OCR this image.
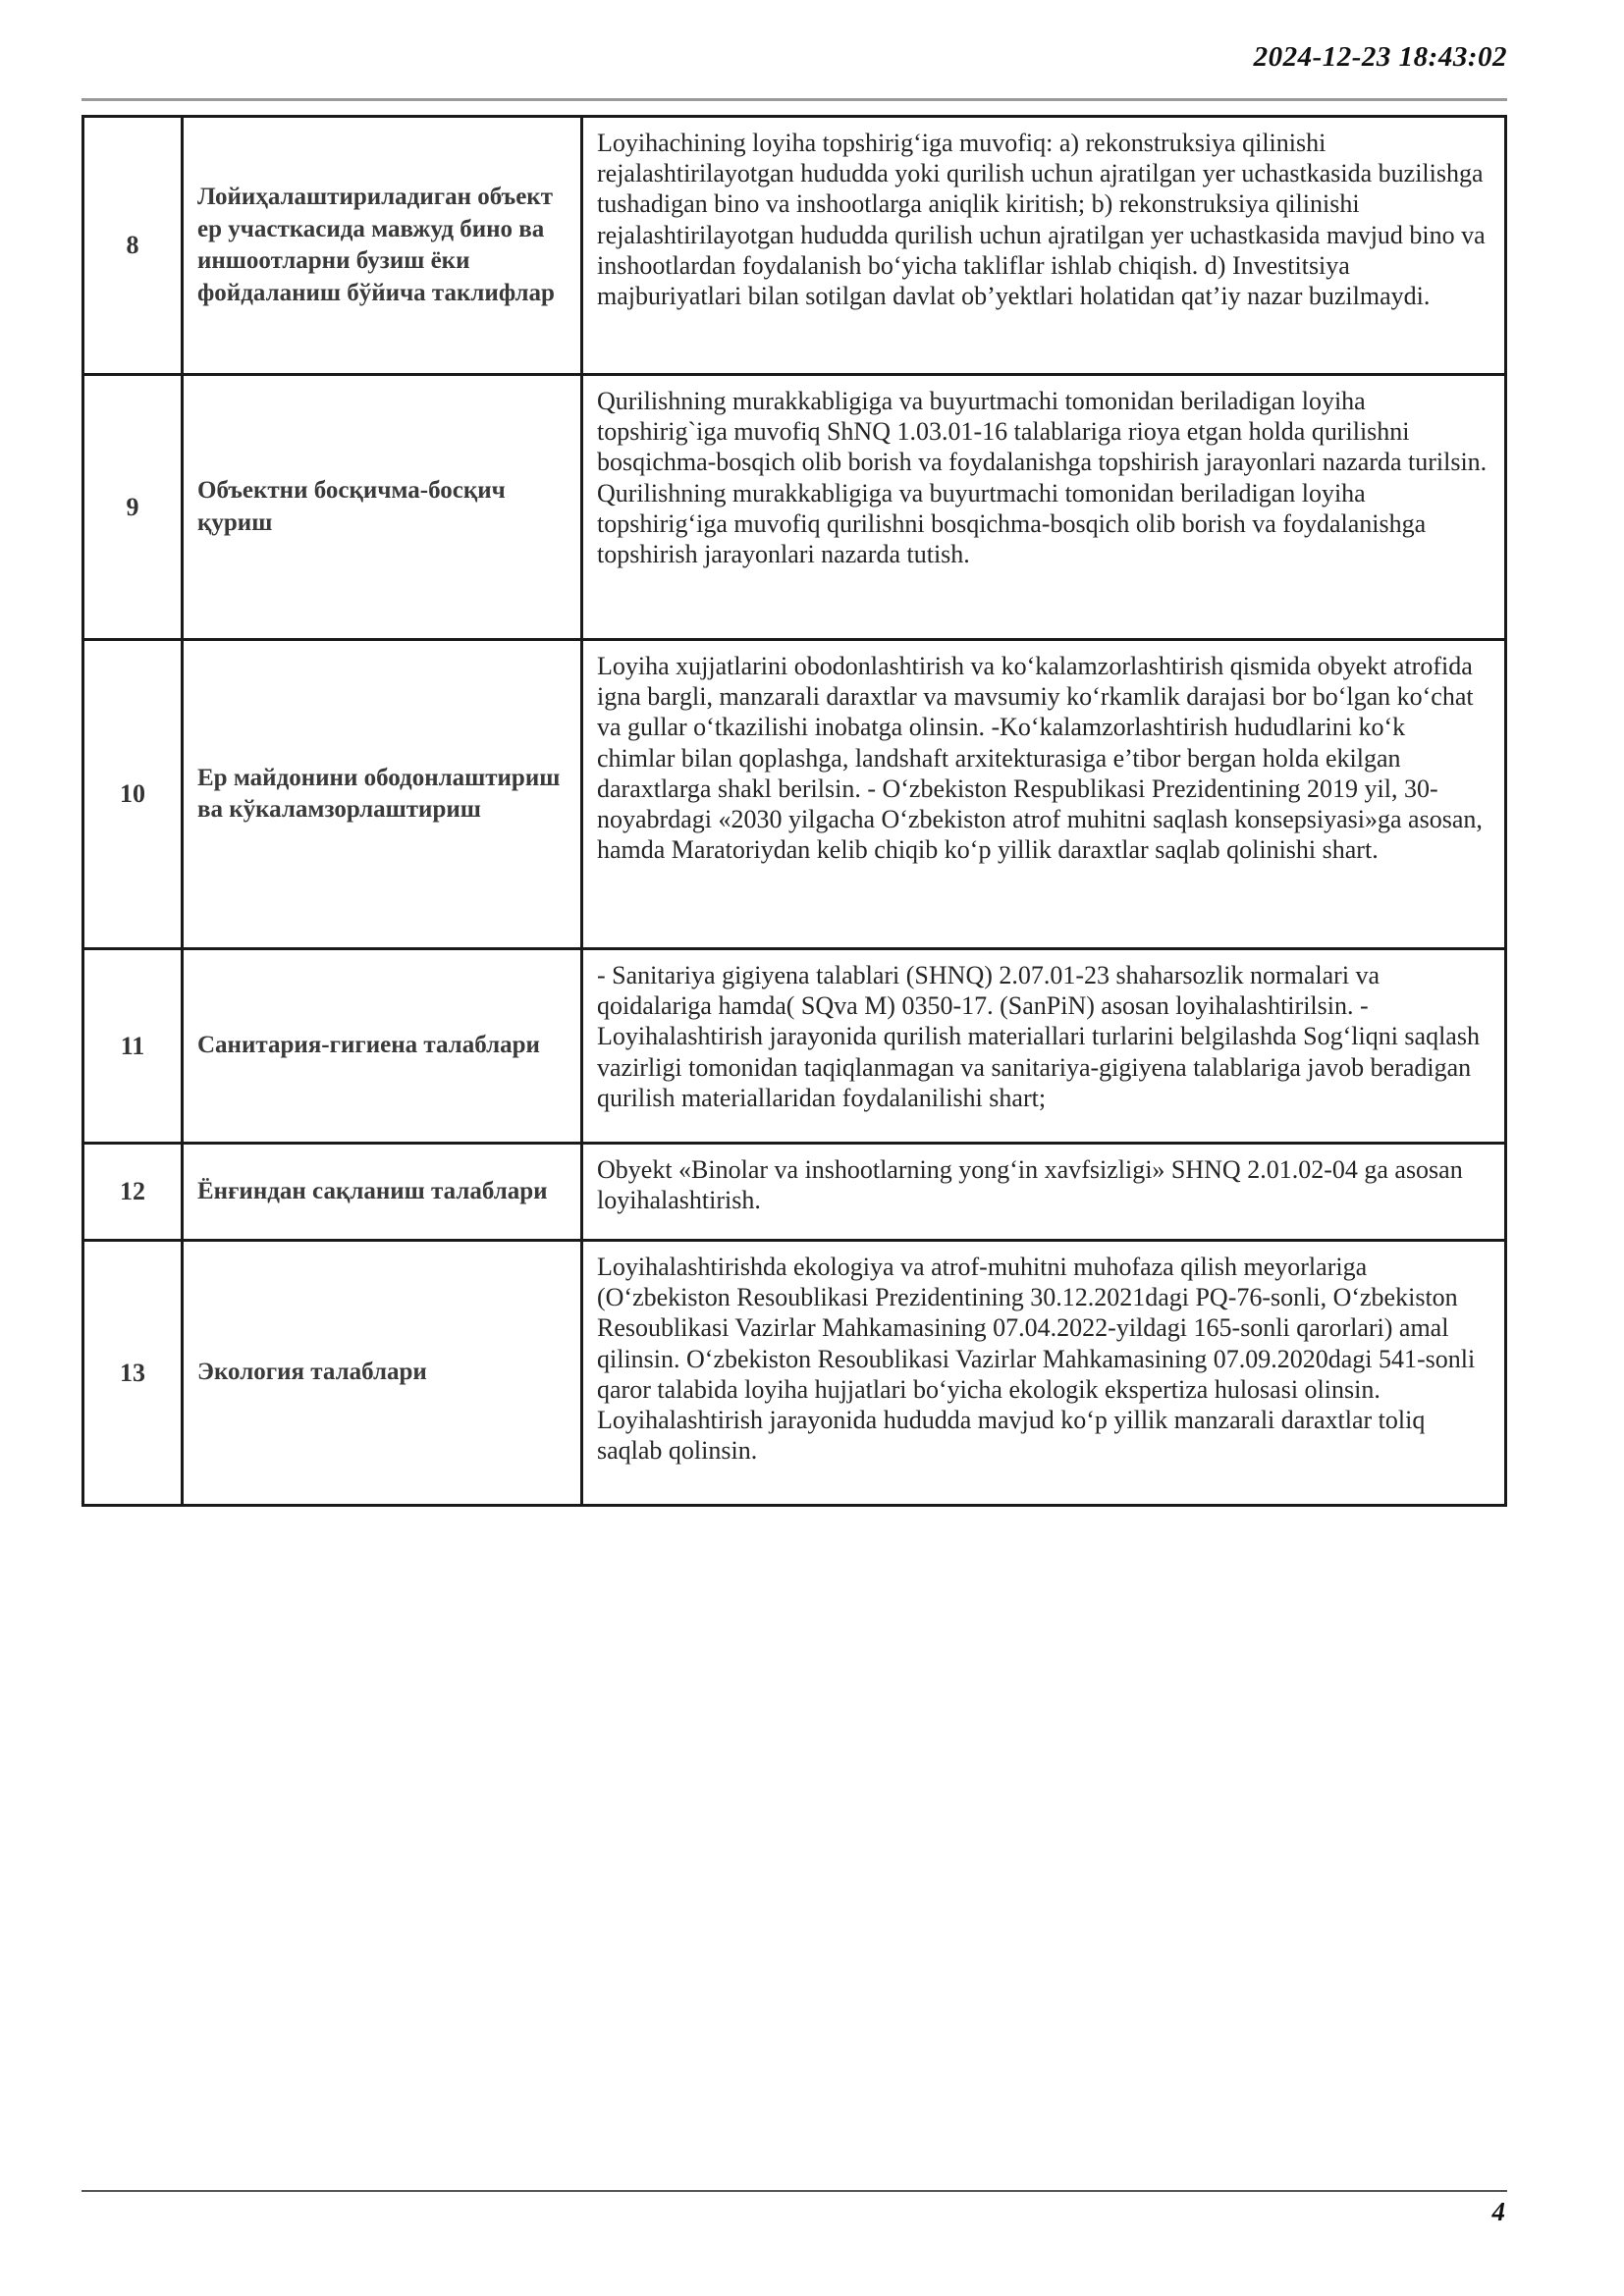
2024-12-23 18:43:02
8	Лойиҳалаштириладиган объект ер участкасида мавжуд бино ва иншоотларни бузиш ёки фойдаланиш бўйича таклифлар	Loyihachining loyiha topshirigʻiga muvofiq: a) rekonstruksiya qilinishi rejalashtirilayotgan hududda yoki qurilish uchun ajratilgan yer uchastkasida buzilishga tushadigan bino va inshootlarga aniqlik kiritish; b) rekonstruksiya qilinishi rejalashtirilayotgan hududda qurilish uchun ajratilgan yer uchastkasida mavjud bino va inshootlardan foydalanish boʻyicha takliflar ishlab chiqish. d) Investitsiya majburiyatlari bilan sotilgan davlat ob’yektlari holatidan qat’iy nazar buzilmaydi.
9	Объектни босқичма-босқич қуриш	Qurilishning murakkabligiga va buyurtmachi tomonidan beriladigan loyiha topshirig`iga muvofiq ShNQ 1.03.01-16 talablariga rioya etgan holda qurilishni bosqichma-bosqich olib borish va foydalanishga topshirish jarayonlari nazarda turilsin. Qurilishning murakkabligiga va buyurtmachi tomonidan beriladigan loyiha topshirigʻiga muvofiq qurilishni bosqichma-bosqich olib borish va foydalanishga topshirish jarayonlari nazarda tutish.
10	Ер майдонини ободонлаштириш ва кўкаламзорлаштириш	Loyiha xujjatlarini obodonlashtirish va koʻkalamzorlashtirish qismida obyekt atrofida igna bargli, manzarali daraxtlar va mavsumiy koʻrkamlik darajasi bor boʻlgan koʻchat va gullar oʻtkazilishi inobatga olinsin. -Koʻkalamzorlashtirish hududlarini koʻk chimlar bilan qoplashga, landshaft arxitekturasiga e’tibor bergan holda ekilgan daraxtlarga shakl berilsin. - Oʻzbekiston Respublikasi Prezidentining 2019 yil, 30-noyabrdagi «2030 yilgacha Oʻzbekiston atrof muhitni saqlash konsepsiyasi»ga asosan, hamda Maratoriydan kelib chiqib koʻp yillik daraxtlar saqlab qolinishi shart.
11	Санитария-гигиена талаблари	- Sanitariya gigiyena talablari (SHNQ) 2.07.01-23 shaharsozlik normalari va qoidalariga hamda( SQva M) 0350-17. (SanPiN) asosan loyihalashtirilsin. - Loyihalashtirish jarayonida qurilish materiallari turlarini belgilashda Sogʻliqni saqlash vazirligi tomonidan taqiqlanmagan va sanitariya-gigiyena talablariga javob beradigan qurilish materiallaridan foydalanilishi shart;
12	Ёнғиндан сақланиш талаблари	Obyekt «Binolar va inshootlarning yongʻin xavfsizligi» SHNQ 2.01.02-04 ga asosan loyihalashtirish.
13	Экология талаблари	Loyihalashtirishda ekologiya va atrof-muhitni muhofaza qilish meyorlariga (Oʻzbekiston Resoublikasi Prezidentining 30.12.2021dagi PQ-76-sonli, Oʻzbekiston Resoublikasi Vazirlar Mahkamasining 07.04.2022-yildagi 165-sonli qarorlari) amal qilinsin. Oʻzbekiston Resoublikasi Vazirlar Mahkamasining 07.09.2020dagi 541-sonli qaror talabida loyiha hujjatlari boʻyicha ekologik ekspertiza hulosasi olinsin. Loyihalashtirish jarayonida hududda mavjud koʻp yillik manzarali daraxtlar toliq saqlab qolinsin.
4
